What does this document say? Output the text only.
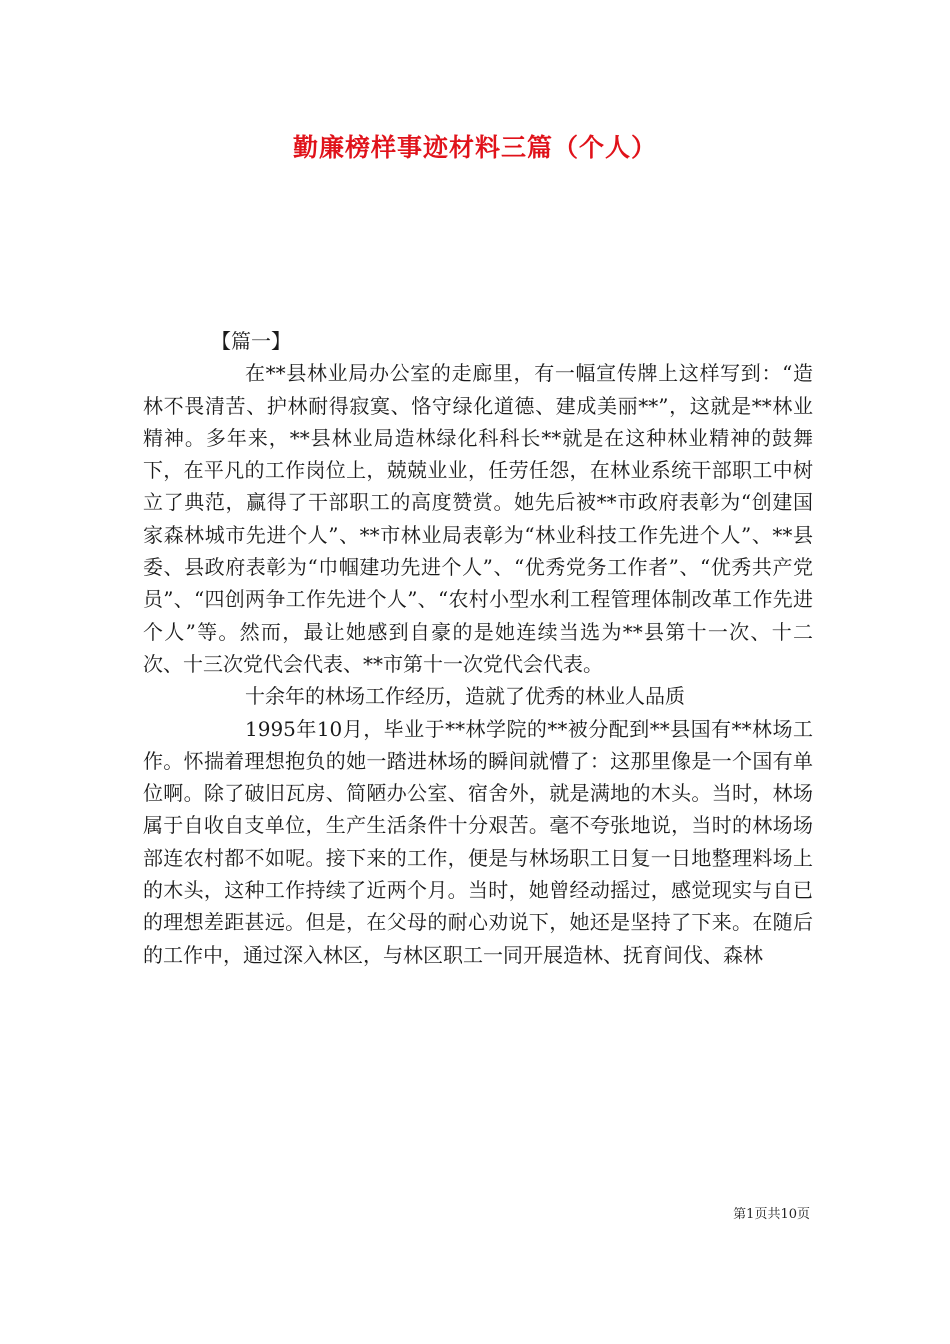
勤廉榜样事迹材料三篇（个人）

【篇一】

在**县林业局办公室的走廊里，有一幅宣传牌上这样写到：“造林不畏清苦、护林耐得寂寞、恪守绿化道德、建成美丽**”，这就是**林业精神。多年来，**县林业局造林绿化科科长**就是在这种林业精神的鼓舞下，在平凡的工作岗位上，兢兢业业，任劳任怨，在林业系统干部职工中树立了典范，赢得了干部职工的高度赞赏。她先后被**市政府表彰为“创建国家森林城市先进个人”、**市林业局表彰为“林业科技工作先进个人”、**县委、县政府表彰为“巾帼建功先进个人”、“优秀党务工作者”、“优秀共产党员”、“四创两争工作先进个人”、“农村小型水利工程管理体制改革工作先进个人”等。然而，最让她感到自豪的是她连续当选为**县第十一次、十二次、十三次党代会代表、**市第十一次党代会代表。

十余年的林场工作经历，造就了优秀的林业人品质

1995年10月，毕业于**林学院的**被分配到**县国有**林场工作。怀揣着理想抱负的她一踏进林场的瞬间就懵了：这那里像是一个国有单位啊。除了破旧瓦房、简陋办公室、宿舍外，就是满地的木头。当时，林场属于自收自支单位，生产生活条件十分艰苦。毫不夸张地说，当时的林场场部连农村都不如呢。接下来的工作，便是与林场职工日复一日地整理料场上的木头，这种工作持续了近两个月。当时，她曾经动摇过，感觉现实与自已的理想差距甚远。但是，在父母的耐心劝说下，她还是坚持了下来。在随后的工作中，通过深入林区，与林区职工一同开展造林、抚育间伐、森林

第1页共10页
